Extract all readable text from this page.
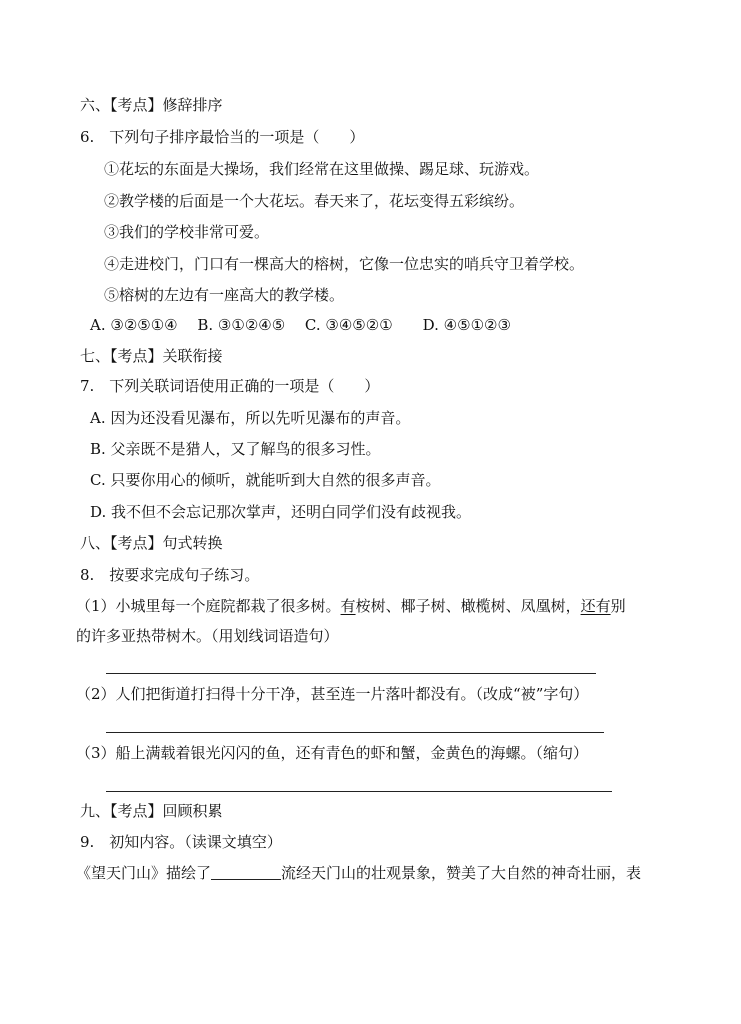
六、【考点】修辞排序
6.　下列句子排序最恰当的一项是（　　）
①花坛的东面是大操场，我们经常在这里做操、踢足球、玩游戏。
②教学楼的后面是一个大花坛。春天来了，花坛变得五彩缤纷。
③我们的学校非常可爱。
④走进校门，门口有一棵高大的榕树，它像一位忠实的哨兵守卫着学校。
⑤榕树的左边有一座高大的教学楼。
A. ③②⑤①④　 B. ③①②④⑤　 C. ③④⑤②①　　D. ④⑤①②③
七、【考点】关联衔接
7.　下列关联词语使用正确的一项是（　　）
A. 因为还没看见瀑布，所以先听见瀑布的声音。
B. 父亲既不是猎人，又了解鸟的很多习性。
C. 只要你用心的倾听，就能听到大自然的很多声音。
D. 我不但不会忘记那次掌声，还明白同学们没有歧视我。
八、【考点】句式转换
8.　按要求完成句子练习。
（1）小城里每一个庭院都栽了很多树。有桉树、椰子树、橄榄树、凤凰树，还有别
的许多亚热带树木。（用划线词语造句）
（2）人们把街道打扫得十分干净，甚至连一片落叶都没有。（改成“被”字句）
（3）船上满载着银光闪闪的鱼，还有青色的虾和蟹，金黄色的海螺。（缩句）
九、【考点】回顾积累
9.　初知内容。（读课文填空）
《望天门山》描绘了	流经天门山的壮观景象，赞美了大自然的神奇壮丽，表
